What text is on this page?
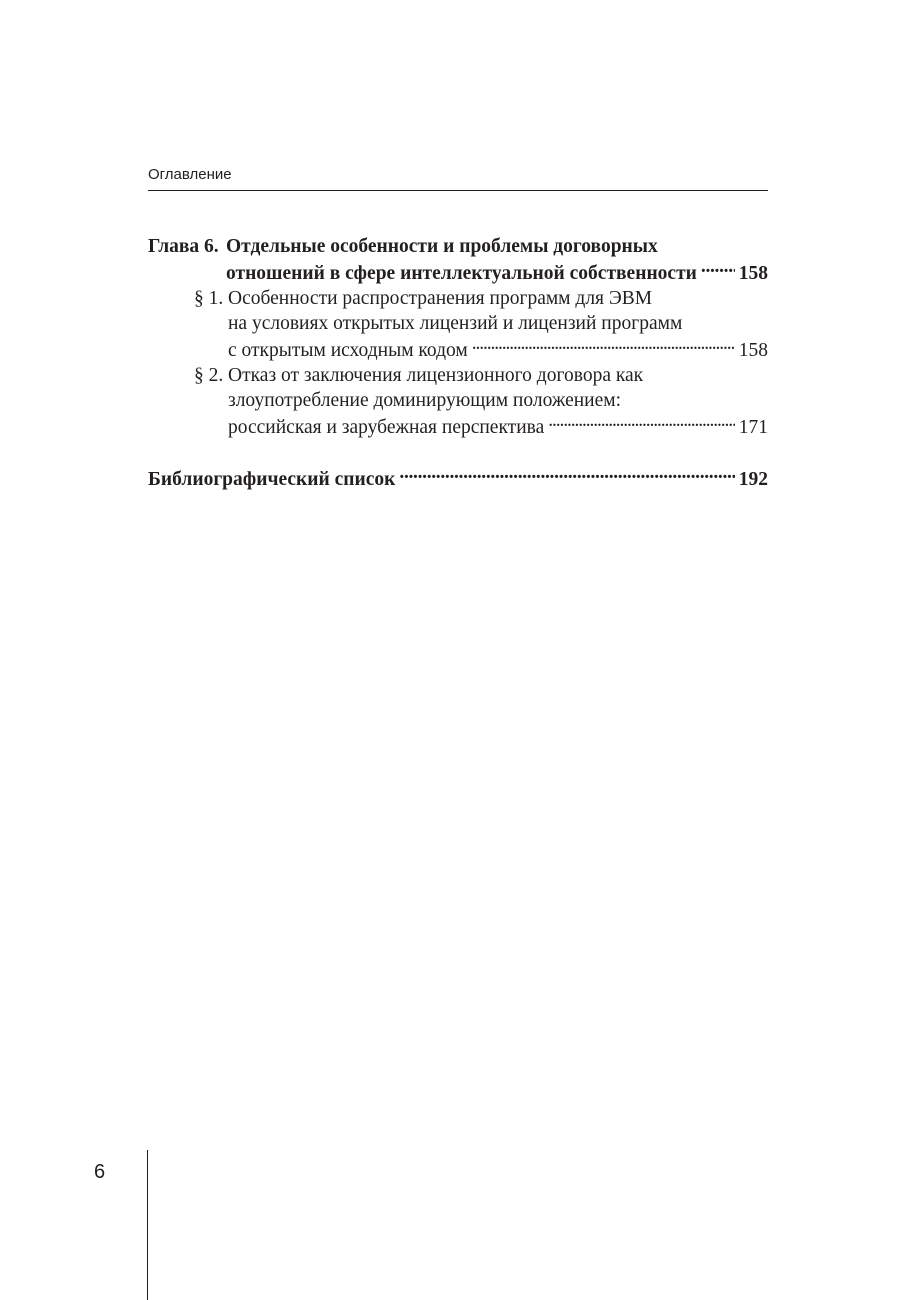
Оглавление
Глава 6. Отдельные особенности и проблемы договорных
отношений в сфере интеллектуальной собственности . . . 158
§ 1. Особенности распространения программ для ЭВМ
на условиях открытых лицензий и лицензий программ
с открытым исходным кодом . . .	158
§ 2. Отказ от заключения лицензионного договора как
злоупотребление доминирующим положением:
российская и зарубежная перспектива . . .	171
Библиографический список . . .	192
6
